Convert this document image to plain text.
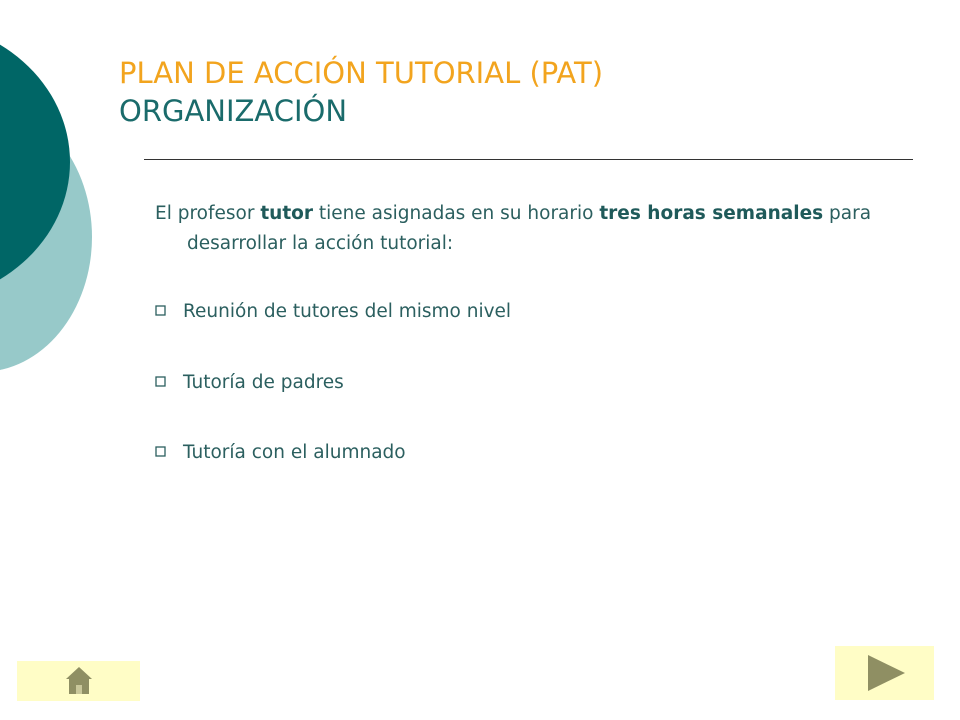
PLAN DE ACCIÓN TUTORIAL (PAT)
ORGANIZACIÓN
El profesor tutor tiene asignadas en su horario tres horas semanales para desarrollar la acción tutorial:
Reunión de tutores del mismo nivel
Tutoría de padres
Tutoría con el alumnado
